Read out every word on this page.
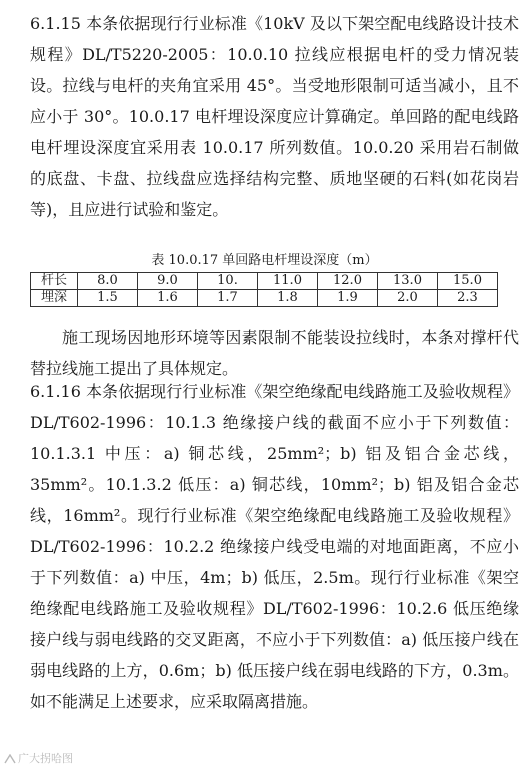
6.1.15 本条依据现行行业标准《10kV 及以下架空配电线路设计技术规程》DL/T5220-2005：10.0.10 拉线应根据电杆的受力情况装设。拉线与电杆的夹角宜采用 45°。当受地形限制可适当减小，且不应小于 30°。10.0.17 电杆埋设深度应计算确定。单回路的配电线路电杆埋设深度宜采用表 10.0.17 所列数值。10.0.20 采用岩石制做的底盘、卡盘、拉线盘应选择结构完整、质地坚硬的石料(如花岗岩等)，且应进行试验和鉴定。

表 10.0.17 单回路电杆埋设深度（m）
杆长	8.0	9.0	10.	11.0	12.0	13.0	15.0
埋深	1.5	1.6	1.7	1.8	1.9	2.0	2.3

施工现场因地形环境等因素限制不能装设拉线时，本条对撑杆代替拉线施工提出了具体规定。

6.1.16 本条依据现行行业标准《架空绝缘配电线路施工及验收规程》DL/T602-1996：10.1.3 绝缘接户线的截面不应小于下列数值：10.1.3.1 中压：a) 铜芯线，25mm²；b) 铝及铝合金芯线，35mm²。10.1.3.2 低压：a) 铜芯线，10mm²；b) 铝及铝合金芯线，16mm²。现行行业标准《架空绝缘配电线路施工及验收规程》DL/T602-1996：10.2.2 绝缘接户线受电端的对地面距离，不应小于下列数值：a) 中压，4m；b) 低压，2.5m。现行行业标准《架空绝缘配电线路施工及验收规程》DL/T602-1996：10.2.6 低压绝缘接户线与弱电线路的交叉距离，不应小于下列数值：a) 低压接户线在弱电线路的上方，0.6m；b) 低压接户线在弱电线路的下方，0.3m。如不能满足上述要求，应采取隔离措施。

广大拐哈图
